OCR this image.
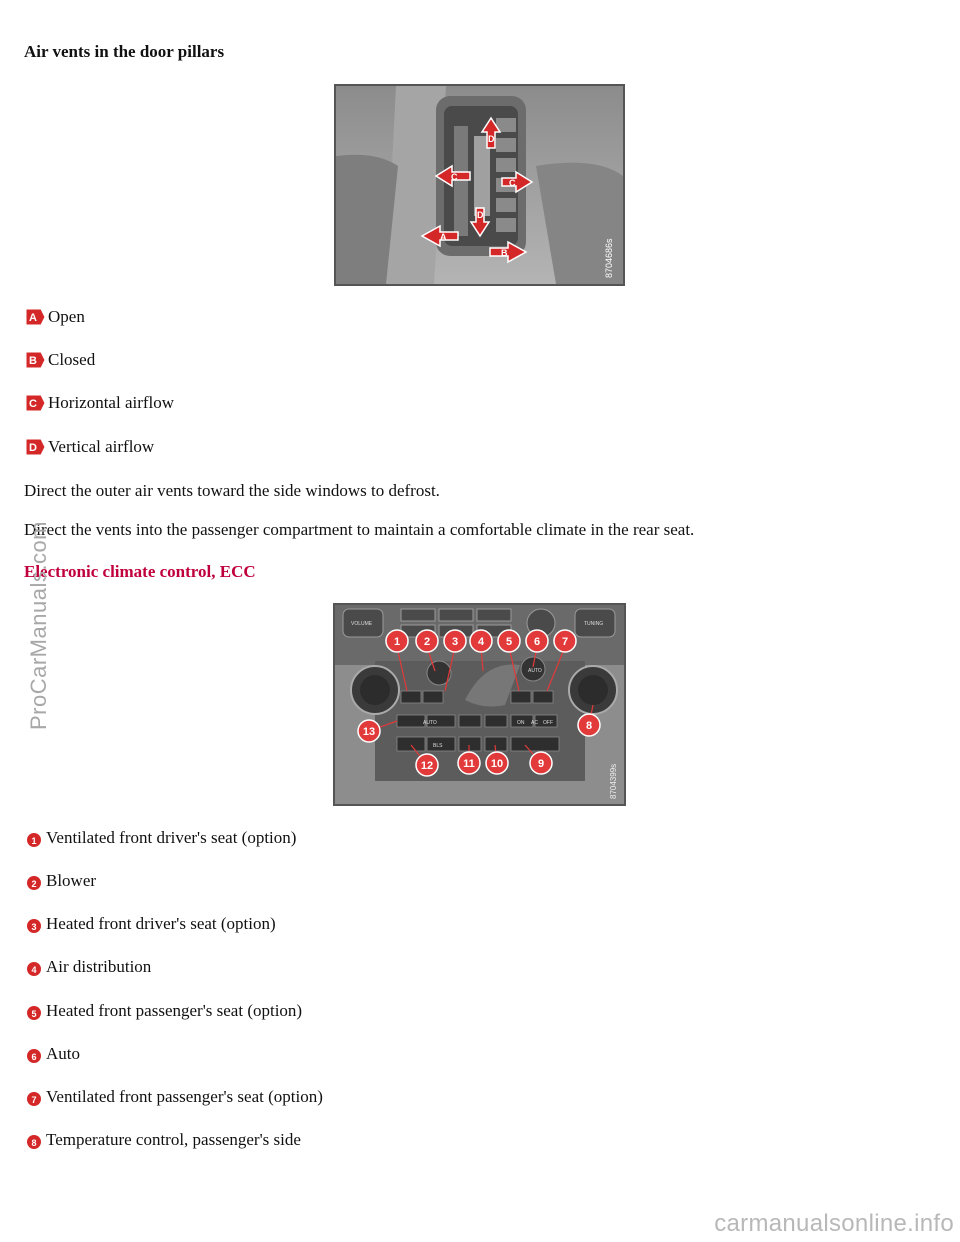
Air vents in the door pillars
D
C
C
D
A
B	8704686s
A Open
B Closed
C Horizontal airflow
D Vertical airflow
Direct the outer air vents toward the side windows to defrost.
Direct the vents into the passenger compartment to maintain a comfortable climate in the rear seat.
Electronic climate control, ECC
VOLUME	TUNING
AUTO
AUTO	ON AC OFF
BLS
1 2 3 4 5 6 7
8
9
10
11
12
13
8704399s
1 Ventilated front driver's seat (option)
2 Blower
3 Heated front driver's seat (option)
4 Air distribution
5 Heated front passenger's seat (option)
6 Auto
7 Ventilated front passenger's seat (option)
8 Temperature control, passenger's side
ProCarManuals.com
carmanualsonline.info
